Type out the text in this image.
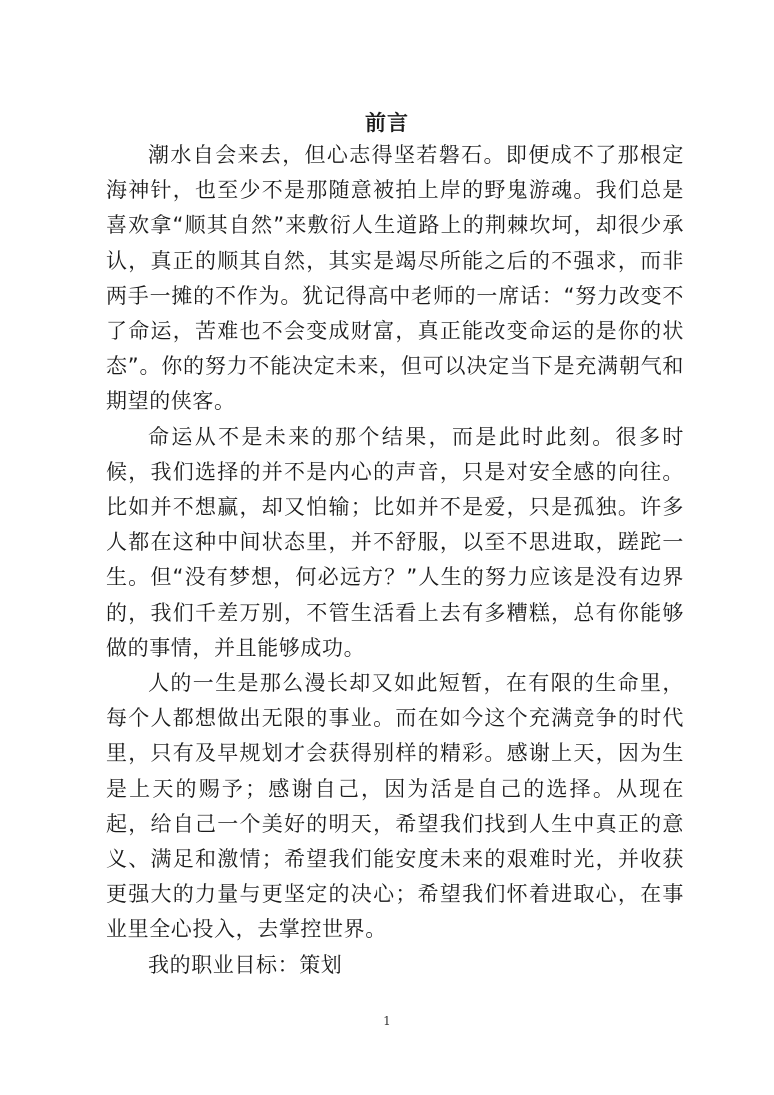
前言

潮水自会来去，但心志得坚若磐石。即便成不了那根定海神针，也至少不是那随意被拍上岸的野鬼游魂。我们总是喜欢拿“顺其自然”来敷衍人生道路上的荆棘坎坷，却很少承认，真正的顺其自然，其实是竭尽所能之后的不强求，而非两手一摊的不作为。犹记得高中老师的一席话：“努力改变不了命运，苦难也不会变成财富，真正能改变命运的是你的状态”。你的努力不能决定未来，但可以决定当下是充满朝气和期望的侠客。

命运从不是未来的那个结果，而是此时此刻。很多时候，我们选择的并不是内心的声音，只是对安全感的向往。比如并不想赢，却又怕输；比如并不是爱，只是孤独。许多人都在这种中间状态里，并不舒服，以至不思进取，蹉跎一生。但“没有梦想，何必远方？”人生的努力应该是没有边界的，我们千差万别，不管生活看上去有多糟糕，总有你能够做的事情，并且能够成功。

人的一生是那么漫长却又如此短暂，在有限的生命里，每个人都想做出无限的事业。而在如今这个充满竞争的时代里，只有及早规划才会获得别样的精彩。感谢上天，因为生是上天的赐予；感谢自己，因为活是自己的选择。从现在起，给自己一个美好的明天，希望我们找到人生中真正的意义、满足和激情；希望我们能安度未来的艰难时光，并收获更强大的力量与更坚定的决心；希望我们怀着进取心，在事业里全心投入，去掌控世界。

我的职业目标：策划

1
